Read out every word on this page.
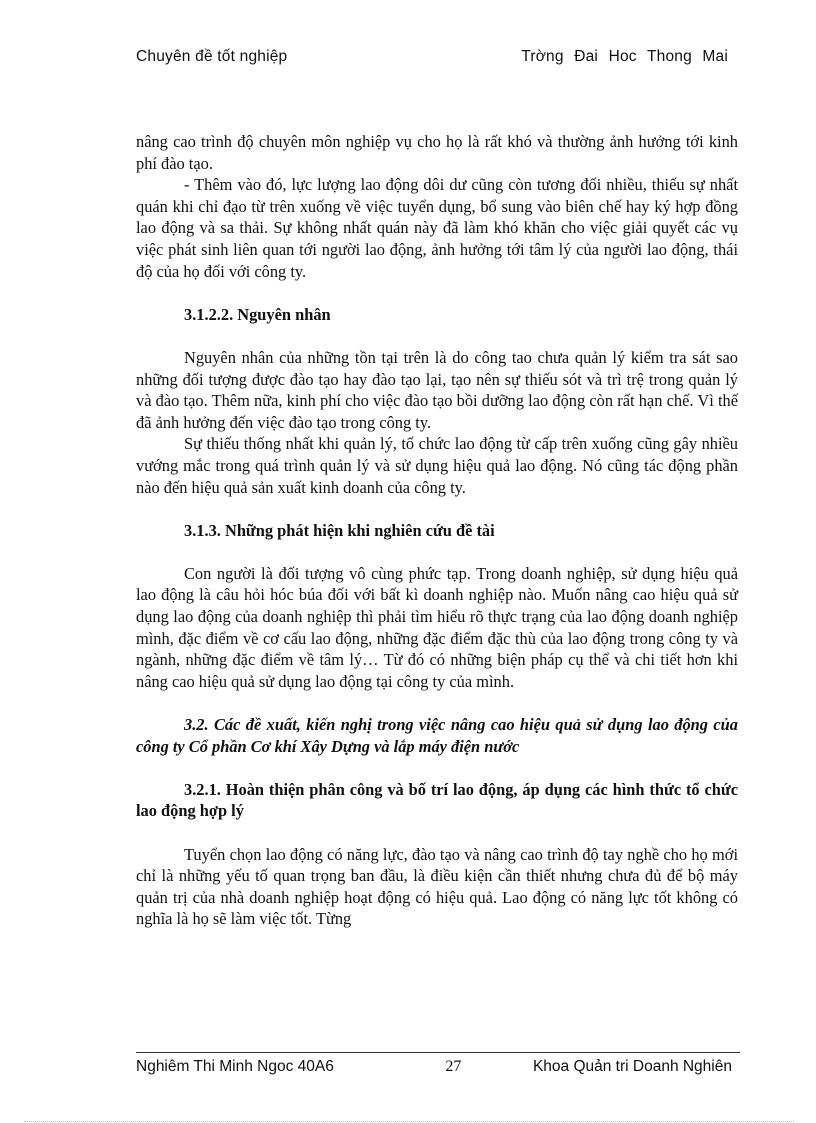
Chuyên đề tốt nghiệp	Trờng Đai Hoc Thong Mai

nâng cao trình độ chuyên môn nghiệp vụ cho họ là rất khó và thường ảnh hưởng tới kinh phí đào tạo.

- Thêm vào đó, lực lượng lao động dôi dư cũng còn tương đối nhiều, thiếu sự nhất quán khi chỉ đạo từ trên xuống về việc tuyển dụng, bổ sung vào biên chế hay ký hợp đồng lao động và sa thải. Sự không nhất quán này đã làm khó khăn cho việc giải quyết các vụ việc phát sinh liên quan tới người lao động, ảnh hưởng tới tâm lý của người lao động, thái độ của họ đối với công ty.

3.1.2.2. Nguyên nhân

Nguyên nhân của những tồn tại trên là do công tao chưa quản lý kiểm tra sát sao những đối tượng được đào tạo hay đào tạo lại, tạo nên sự thiếu sót và trì trệ trong quản lý và đào tạo. Thêm nữa, kinh phí cho việc đào tạo bồi dưỡng lao động còn rất hạn chế. Vì thế đã ảnh hưởng đến việc đào tạo trong công ty.

Sự thiếu thống nhất khi quản lý, tổ chức lao động từ cấp trên xuống cũng gây nhiều vướng mắc trong quá trình quản lý và sử dụng hiệu quả lao động. Nó cũng tác động phần nào đến hiệu quả sản xuất kinh doanh của công ty.

3.1.3. Những phát hiện khi nghiên cứu đề tài

Con người là đối tượng vô cùng phức tạp. Trong doanh nghiệp, sử dụng hiệu quả lao động là câu hỏi hóc búa đối với bất kì doanh nghiệp nào. Muốn nâng cao hiệu quả sử dụng lao động của doanh nghiệp thì phải tìm hiểu rõ thực trạng của lao động doanh nghiệp mình, đặc điểm về cơ cấu lao động, những đặc điểm đặc thù của lao động trong công ty và ngành, những đặc điểm về tâm lý… Từ đó có những biện pháp cụ thể và chi tiết hơn khi nâng cao hiệu quả sử dụng lao động tại công ty của mình.

3.2. Các đề xuất, kiến nghị trong việc nâng cao hiệu quả sử dụng lao động của công ty Cổ phần Cơ khí Xây Dựng và lắp máy điện nước

3.2.1. Hoàn thiện phân công và bố trí lao động, áp dụng các hình thức tổ chức lao động hợp lý

Tuyển chọn lao động có năng lực, đào tạo và nâng cao trình độ tay nghề cho họ mới chỉ là những yếu tố quan trọng ban đầu, là điều kiện cần thiết nhưng chưa đủ để bộ máy quản trị của nhà doanh nghiệp hoạt động có hiệu quả. Lao động có năng lực tốt không có nghĩa là họ sẽ làm việc tốt. Từng

Nghiêm Thi Minh Ngoc 40A6	27	Khoa Quản tri Doanh Nghiên
